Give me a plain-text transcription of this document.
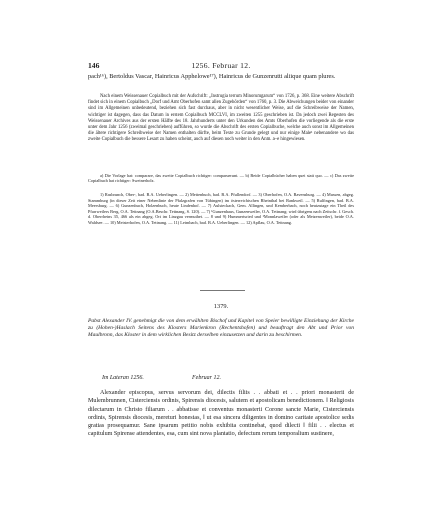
146	1256. Februar 12.

pach¹⁶), Bertoldus Vascar, Hainricus Apphelowe¹⁷), Hainricus de Gunzenrutti aliique quam plures.

Nach einem Weissenauer Copialbuch mit der Aufschrift: „Instrugia terrum Minorumgarum“ von 1726, p. 368. Eine weitere Abschrift findet sich in einem Copialbuch „Dorf und Amt Oberhofen samt allen Zugehörden“ von 1760, p. 3. Die Abweichungen beider von einander sind im Allgemeinen unbedeutend, beziehen sich fast durchaus, aber in nicht wesentlicher Weise, auf die Schreibweise der Namen, wichtiger ist dagegen, dass das Datum in erstem Copialbuch MCCLVI, im zweiten 1255 geschrieben ist. Da jedoch zwei Regesten des Weissenauer Archives aus der ersten Hälfte des 18. Jahrhunderts unter den Urkunden des Amts Oberhofen die vorliegende als die erste unter dem Jahr 1256 (zweimal geschrieben) aufführen, so wurde die Abschrift des ersten Copialbuche, welche auch sonst im Allgemeinen die ältere richtigere Schreibweise der Namen enthalten dürfte, beim Texte zu Grunde gelegt und nur einige Male¹ nebenandere wo das zweite Copialbuch die bessere Lesart zu haben scheint, auch auf diesen noch weiter in den Anm. a–e hingewiesen.

a) Die Vorlage hat: comparare, das zweite Copialbuch richtiger: comparuerunt. — b) Beide Copialbücher haben quei statt quo. — c) Das zweite Copialbuch hat richtiger: Sweinerholz.

1) Rasbrunch, Ober-, bad. B.A. Ueberlingen. — 2) Mettenbuch, bad. B.A. Pfullendorf. — 3) Oberhofen, O.A. Ravensburg. — 4) Mussen, abgeg. Stammburg (in dieser Zeit einer Nebenlinie der Pfalzgrafen von Tübingen) im österreichischen Rheinthal bei Rankweil. — 5) Rulfingen, bad. B.A. Meersburg. — 6) Gunzenbuch, Holzenbuch, heute Lindenhof. — 7) Aulsteckach, Gem. Allingen, und Kemberbach, noch heutzutage ein Theil des Pfarrweilers Berg, O.A. Tettnang (O.A.Beschr. Tettnang, S. 120). — 7) ¹Gunzenhaus, Gunzenweiler, O.A. Tettnang; wird übrigens nach Zeitschr. f. Gesch. d. Oberrheins 35, 466 als ein abgeg. Ort im Linzgau vermuthet. — 8 und 9) Hummertsried und ¹Monnlaweiler (oder als Metzenweiler), beide O.A. Waldsee. — 10) Meisterhofen, O.A. Tettnang. — 11) Leimbach, bad. B.A. Ueberlingen. — 12) Apflau, O.A. Tettnang.

1379.

Pabst Alexander IV. genehmigt die von dem erwählten Bischof und Kapitel von Speier bewilligte Einziehung der Kirche zu (Hohen-)Haslach Seitens des Klosters Marienkron (Rechentshofen) und beauftragt den Abt und Prior von Maulbronn, das Kloster in dem wirklichen Besitz derselben einzusetzen und darin zu beschirmen.

Im Lateran 1256.	Februar 12.

Alexander episcopus, servus servorum dei, dilectis filiis . . abbati et . . priori monasterii de Mulembrunnen, Cisterciensis ordinis, Spirensis diocesis, salutem et apostolicam benedictionem. ‖ Religiosis dilectarum in Christo filiarum . . abbatisse et conventus monasterii Corone sancte Marie, Cisterciensis ordinis, Spirensis diocesis, mereturi honestas, ‖ ut esa sincera diligentes in domino caritate apostolice sedis gratias prosequamur. Sane ipsarum petitio nobis exhibita continebat, quod dilecti ‖ filii . . electus et capitulum Spirense attendentes, esa, cum sint nova plantatio, defectum rerum temporalium sustinere,
